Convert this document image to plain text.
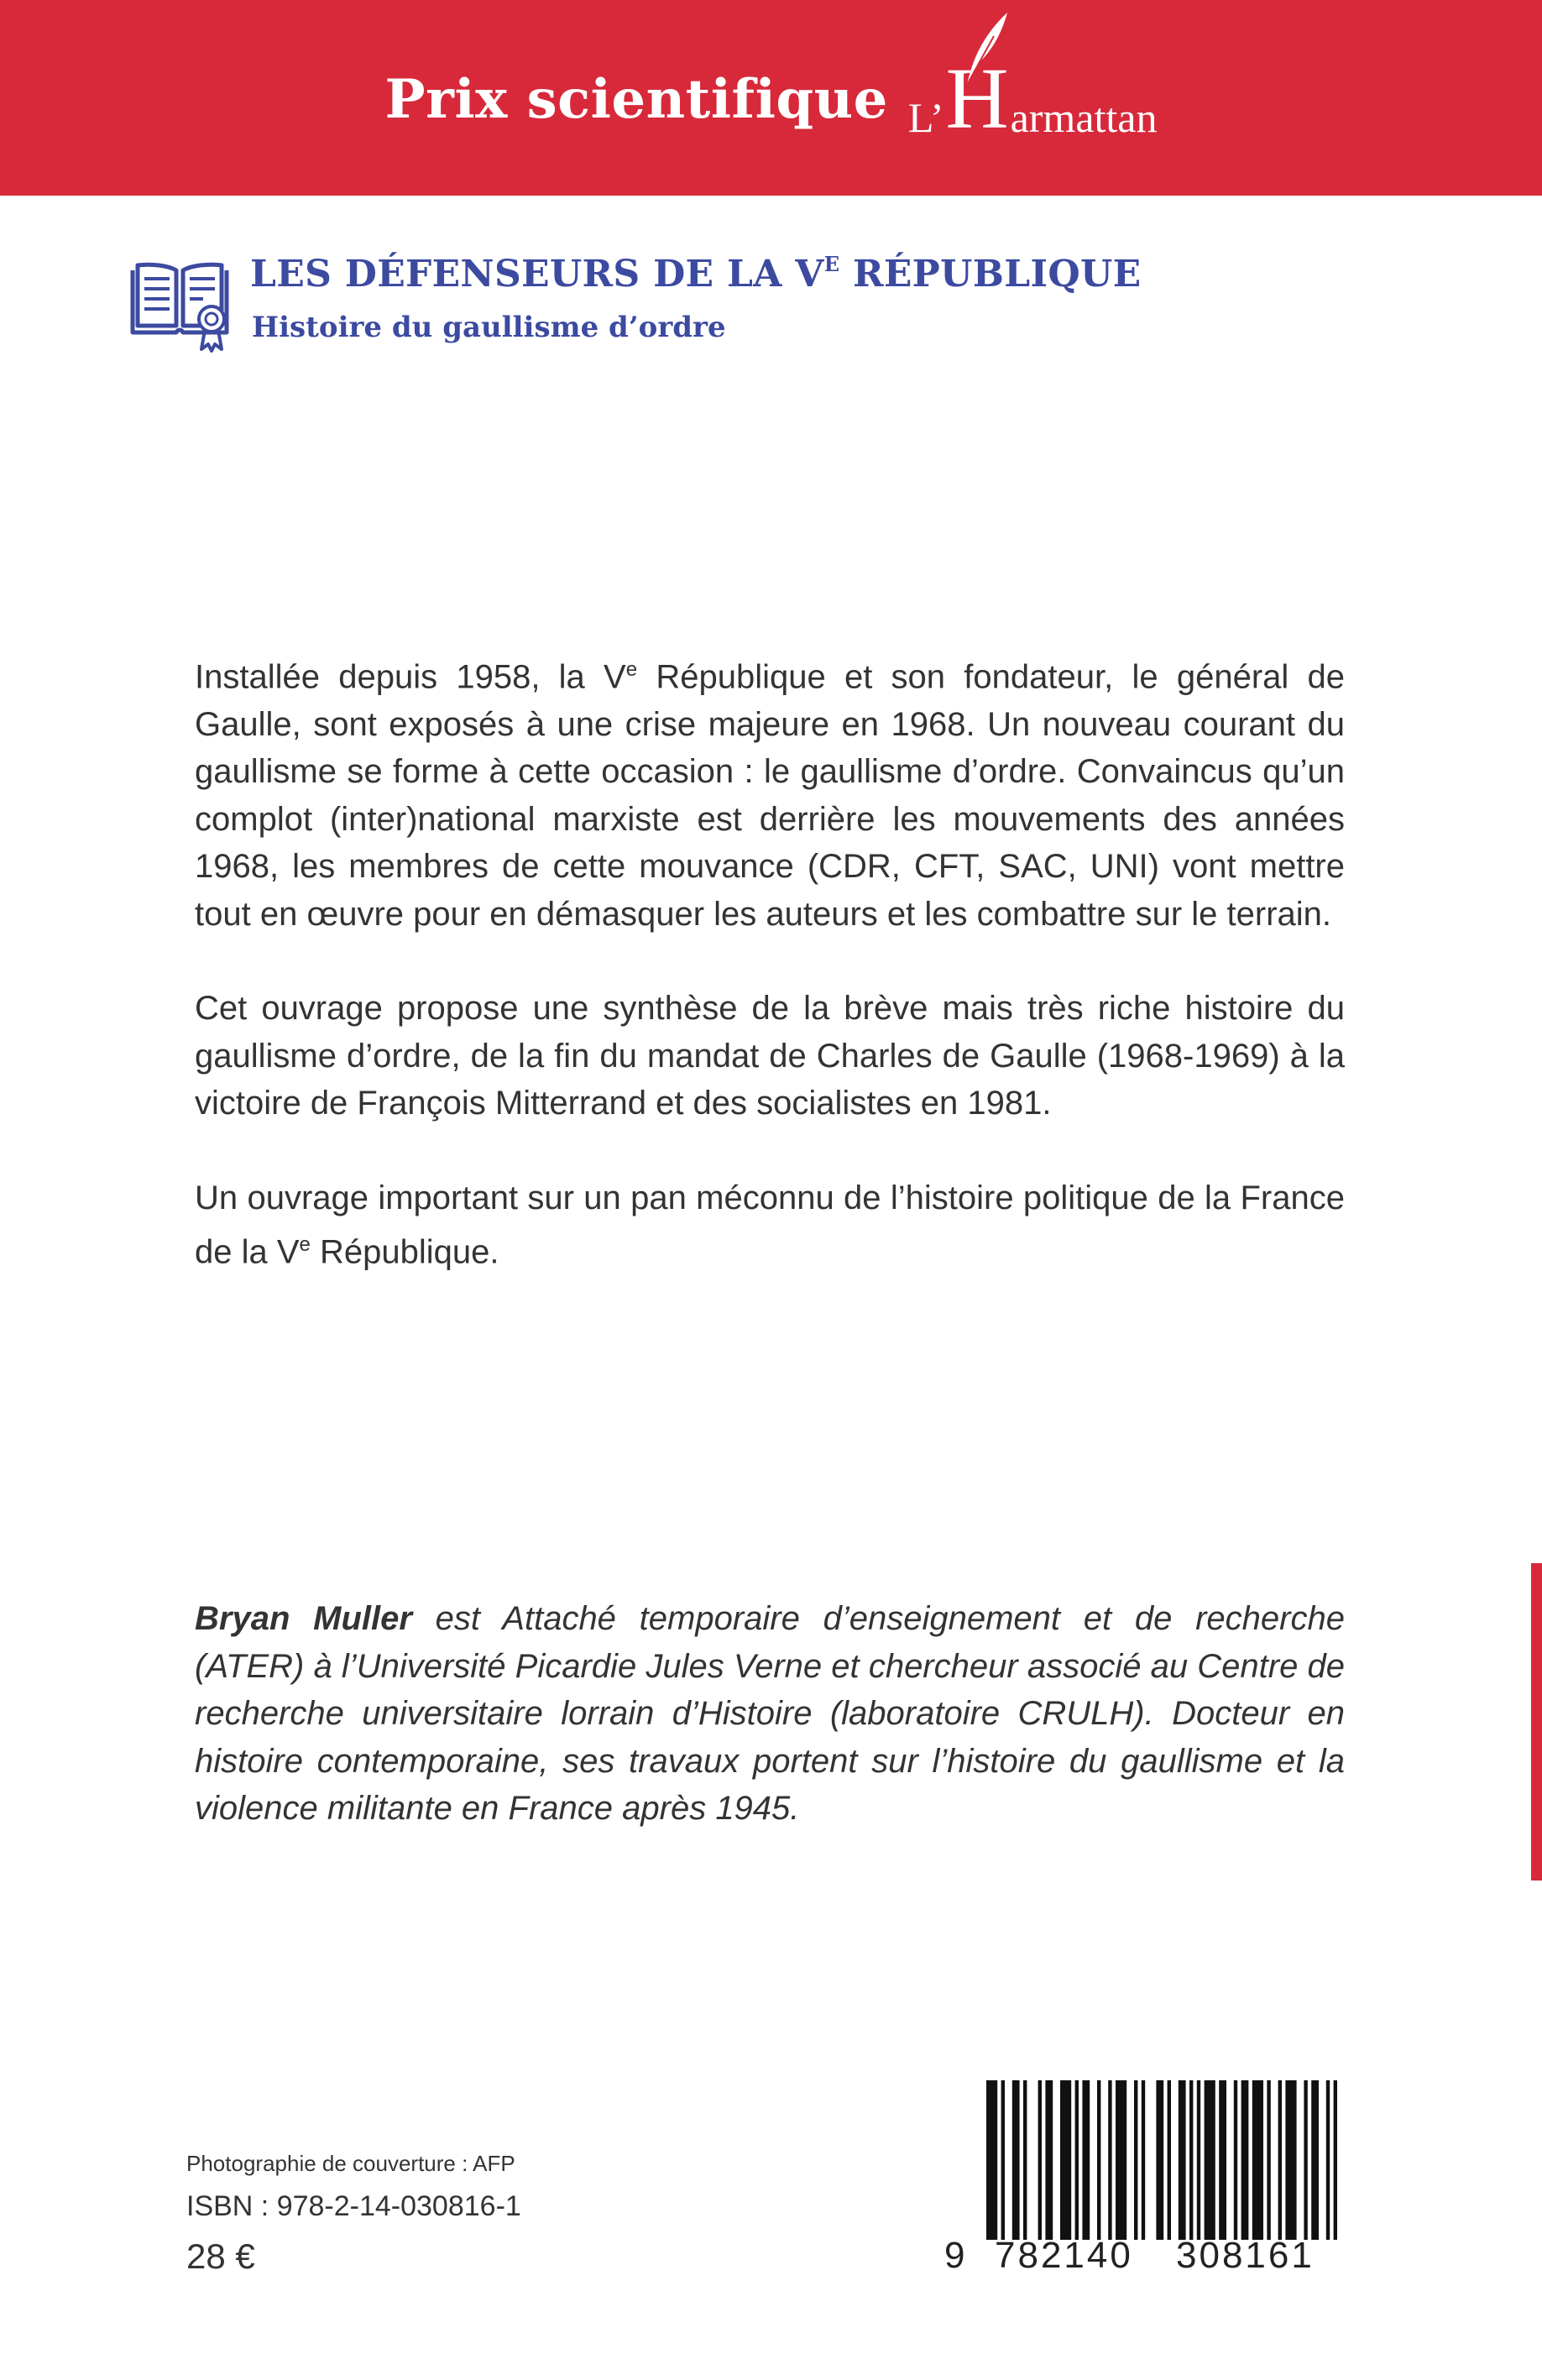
Prix scientifique L’ H armattan
LES DÉFENSEURS DE LA $V^E$ RÉPUBLIQUE

Histoire du gaullisme d’ordre

Installée depuis 1958, la Ve République et son fondateur, le général de Gaulle, sont exposés à une crise majeure en 1968. Un nouveau courant du gaullisme se forme à cette occasion : le gaullisme d’ordre. Convaincus qu’un complot (inter)national marxiste est derrière les mouvements des années 1968, les membres de cette mouvance (CDR, CFT, SAC, UNI) vont mettre tout en œuvre pour en démasquer les auteurs et les combattre sur le terrain.

Cet ouvrage propose une synthèse de la brève mais très riche histoire du gaullisme d’ordre, de la fin du mandat de Charles de Gaulle (1968-1969) à la victoire de François Mitterrand et des socialistes en 1981.

Un ouvrage important sur un pan méconnu de l’histoire politique de la France de la Ve République.

Bryan Muller est Attaché temporaire d’enseignement et de recherche (ATER) à l’Université Picardie Jules Verne et chercheur associé au Centre de recherche universitaire lorrain d’Histoire (laboratoire CRULH). Docteur en histoire contemporaine, ses travaux portent sur l’histoire du gaullisme et la violence militante en France après 1945.

Photographie de couverture : AFP

ISBN : 978-2-14-030816-1

28 €	9 782140 308161
